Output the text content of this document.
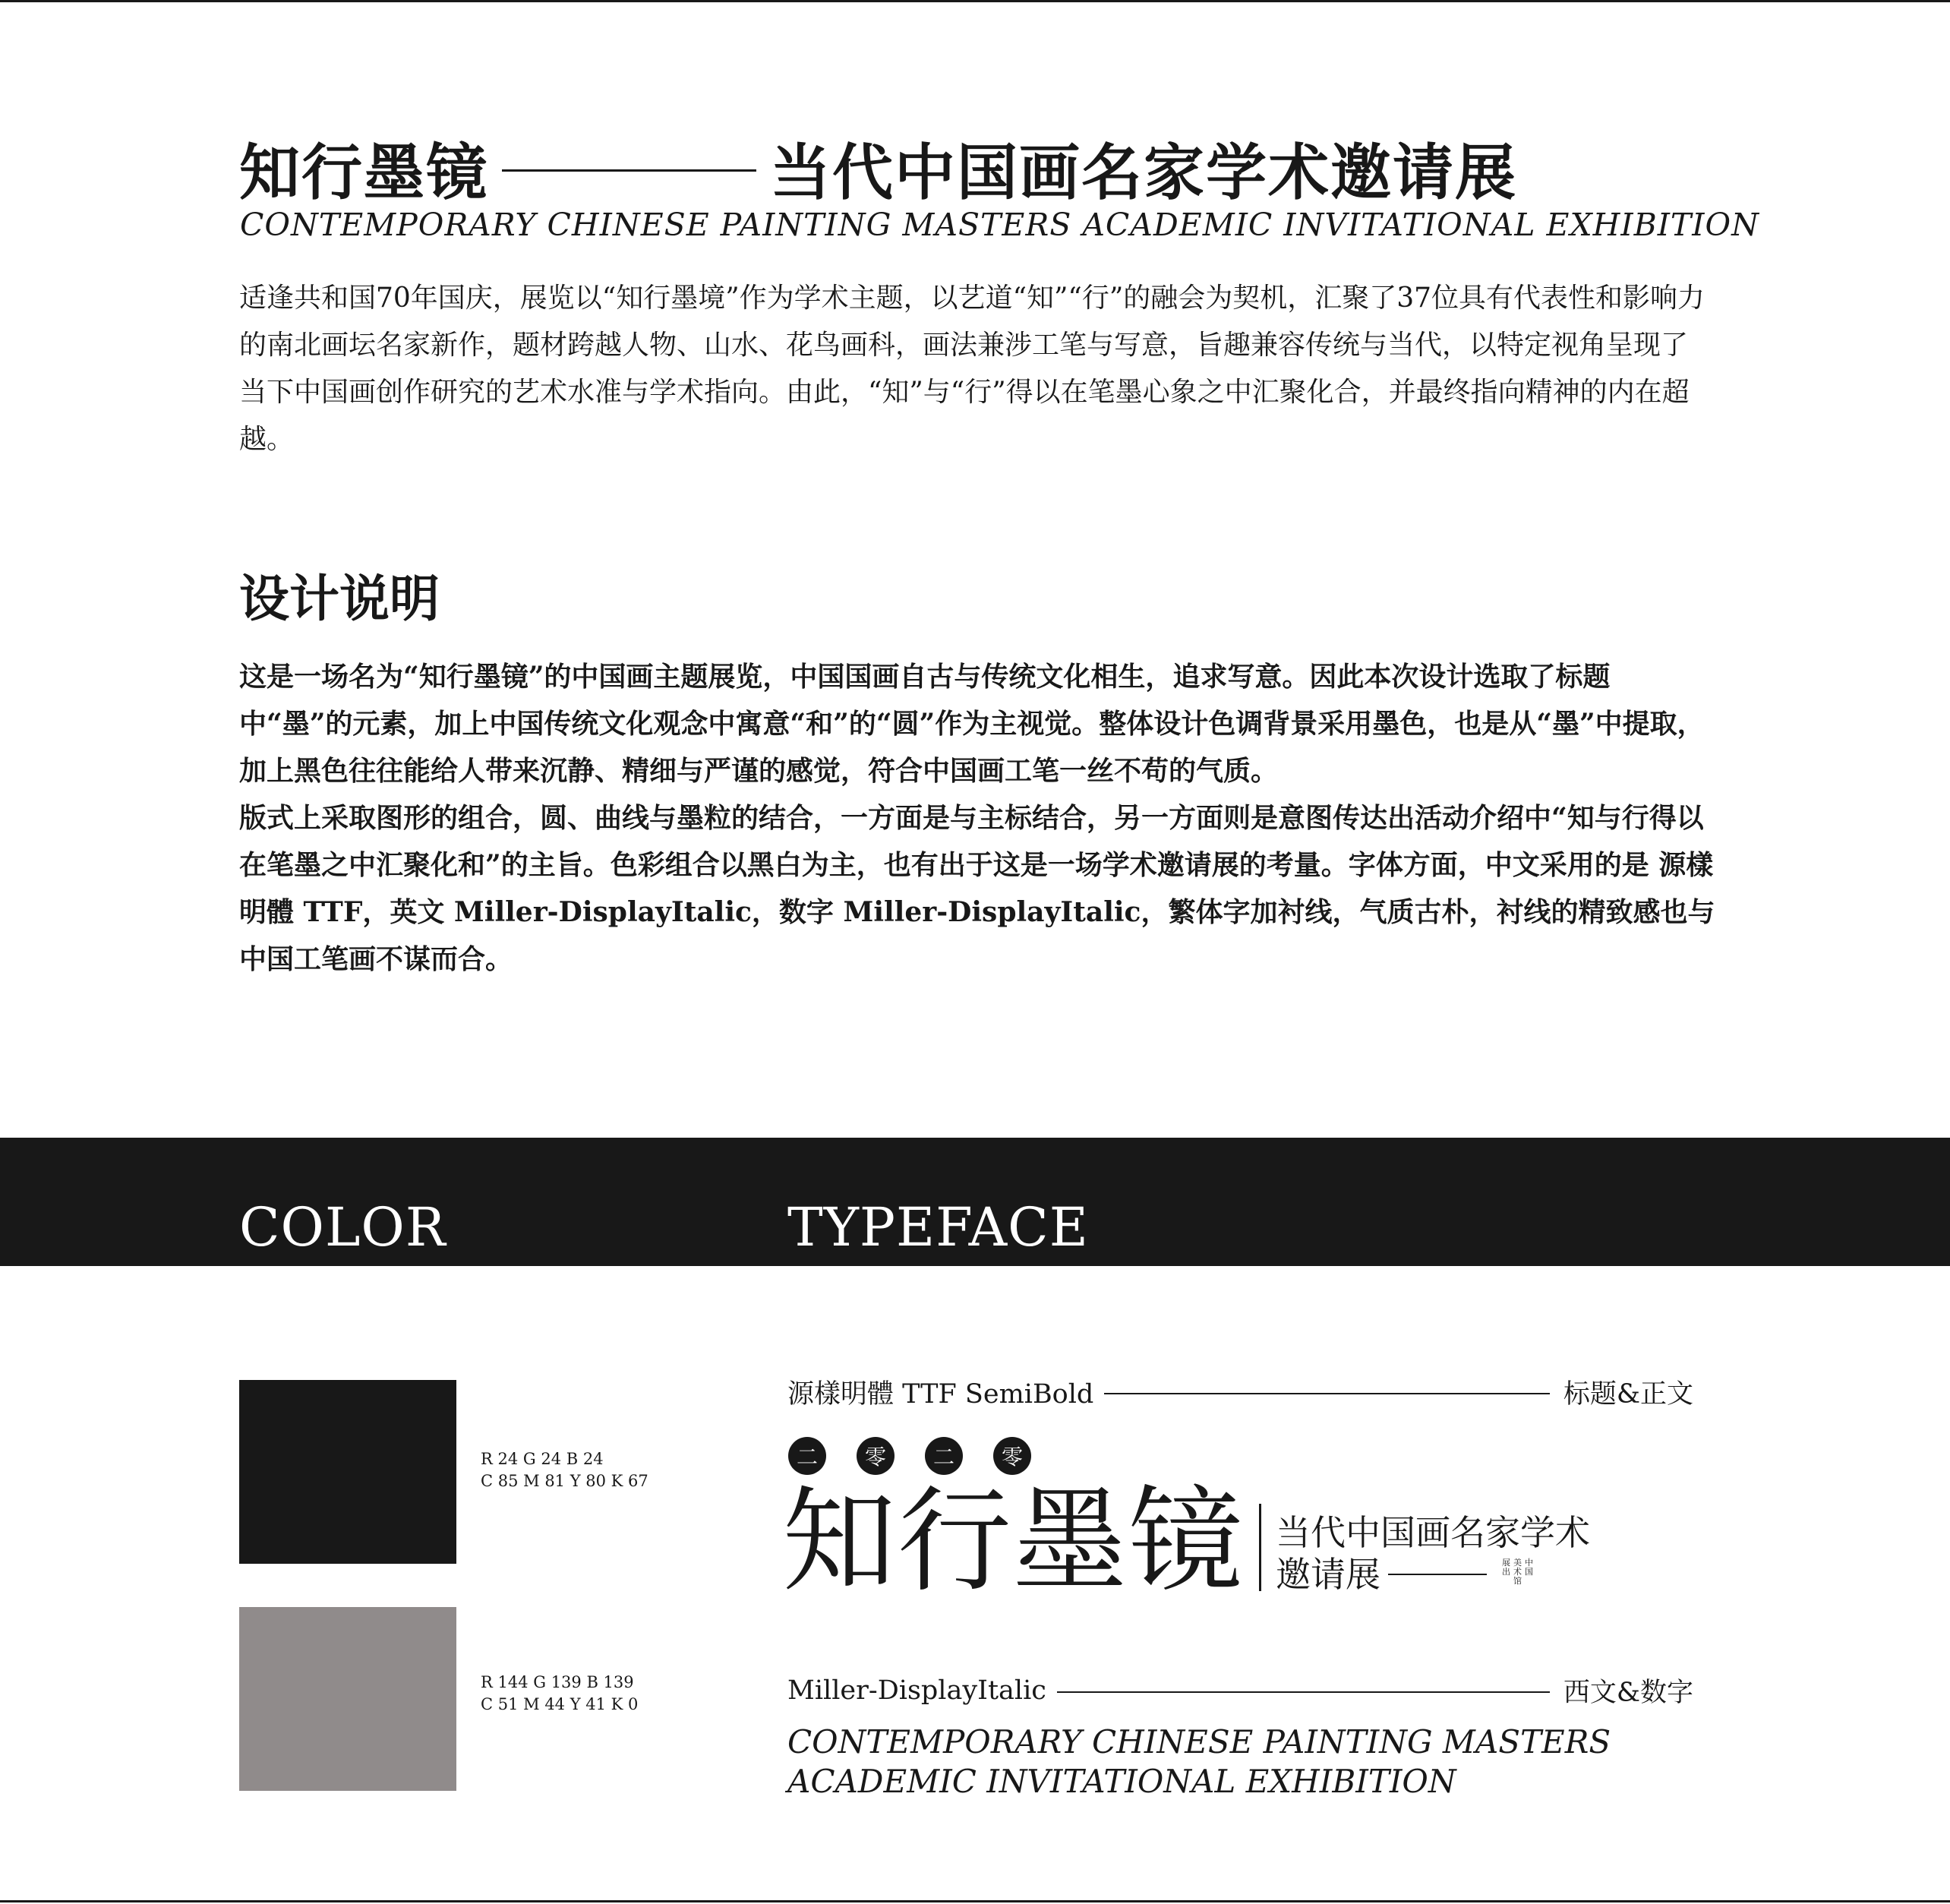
知行墨镜	当代中国画名家学术邀请展
CONTEMPORARY CHINESE PAINTING MASTERS ACADEMIC INVITATIONAL EXHIBITION

适逢共和国70年国庆，展览以“知行墨境”作为学术主题，以艺道“知”“行”的融会为契机，汇聚了37位具有代表性和影响力的南北画坛名家新作，题材跨越人物、山水、花鸟画科，画法兼涉工笔与写意，旨趣兼容传统与当代，以特定视角呈现了当下中国画创作研究的艺术水准与学术指向。由此，“知”与“行”得以在笔墨心象之中汇聚化合，并最终指向精神的内在超越。

设计说明

这是一场名为“知行墨镜”的中国画主题展览，中国国画自古与传统文化相生，追求写意。因此本次设计选取了标题中“墨”的元素，加上中国传统文化观念中寓意“和”的“圆”作为主视觉。整体设计色调背景采用墨色，也是从“墨”中提取，加上黑色往往能给人带来沉静、精细与严谨的感觉，符合中国画工笔一丝不苟的气质。

版式上采取图形的组合，圆、曲线与墨粒的结合，一方面是与主标结合，另一方面则是意图传达出活动介绍中“知与行得以在笔墨之中汇聚化和”的主旨。色彩组合以黑白为主，也有出于这是一场学术邀请展的考量。字体方面，中文采用的是 源樣明體 TTF，英文 Miller-DisplayItalic，数字 Miller-DisplayItalic，繁体字加衬线，气质古朴，衬线的精致感也与中国工笔画不谋而合。

COLOR	TYPEFACE
R 24 G 24 B 24
C 85 M 81 Y 80 K 67
R 144 G 139 B 139
C 51 M 44 Y 41 K 0
源樣明體 TTF SemiBold	标题&正文
二	零	二	零
知行墨镜 当代中国画名家学术
邀请展	中
国
美
术
馆
展
出
Miller-DisplayItalic	西文&数字

CONTEMPORARY CHINESE PAINTING MASTERS ACADEMIC INVITATIONAL EXHIBITION
